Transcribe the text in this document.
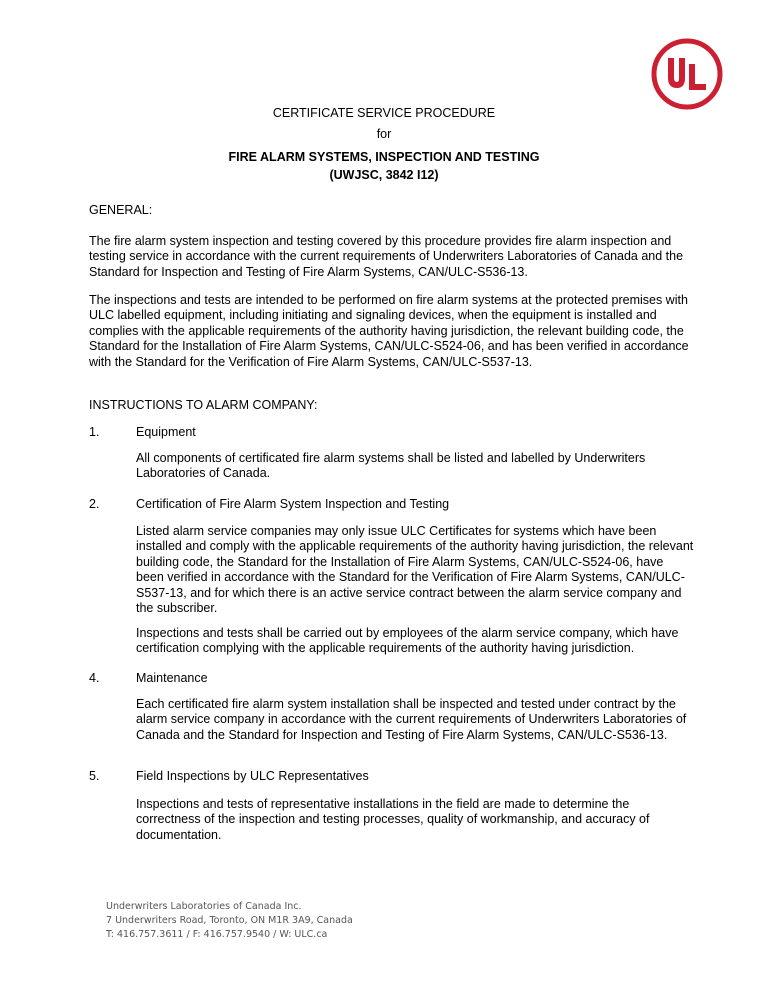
CERTIFICATE SERVICE PROCEDURE
for
FIRE ALARM SYSTEMS, INSPECTION AND TESTING
(UWJSC, 3842 I12)
GENERAL:
The fire alarm system inspection and testing covered by this procedure provides fire alarm inspection and
testing service in accordance with the current requirements of Underwriters Laboratories of Canada and the
Standard for Inspection and Testing of Fire Alarm Systems, CAN/ULC-S536-13.
The inspections and tests are intended to be performed on fire alarm systems at the protected premises with
ULC labelled equipment, including initiating and signaling devices, when the equipment is installed and
complies with the applicable requirements of the authority having jurisdiction, the relevant building code, the
Standard for the Installation of Fire Alarm Systems, CAN/ULC-S524-06, and has been verified in accordance
with the Standard for the Verification of Fire Alarm Systems, CAN/ULC-S537-13.
INSTRUCTIONS TO ALARM COMPANY:
1.	Equipment
All components of certificated fire alarm systems shall be listed and labelled by Underwriters
Laboratories of Canada.
2.	Certification of Fire Alarm System Inspection and Testing
Listed alarm service companies may only issue ULC Certificates for systems which have been
installed and comply with the applicable requirements of the authority having jurisdiction, the relevant
building code, the Standard for the Installation of Fire Alarm Systems, CAN/ULC-S524-06, have
been verified in accordance with the Standard for the Verification of Fire Alarm Systems, CAN/ULC-
S537-13, and for which there is an active service contract between the alarm service company and
the subscriber.
Inspections and tests shall be carried out by employees of the alarm service company, which have
certification complying with the applicable requirements of the authority having jurisdiction.
4.	Maintenance
Each certificated fire alarm system installation shall be inspected and tested under contract by the
alarm service company in accordance with the current requirements of Underwriters Laboratories of
Canada and the Standard for Inspection and Testing of Fire Alarm Systems, CAN/ULC-S536-13.
5.	Field Inspections by ULC Representatives
Inspections and tests of representative installations in the field are made to determine the
correctness of the inspection and testing processes, quality of workmanship, and accuracy of
documentation.
Underwriters Laboratories of Canada Inc.
7 Underwriters Road, Toronto, ON M1R 3A9, Canada
T: 416.757.3611 / F: 416.757.9540 / W: ULC.ca
